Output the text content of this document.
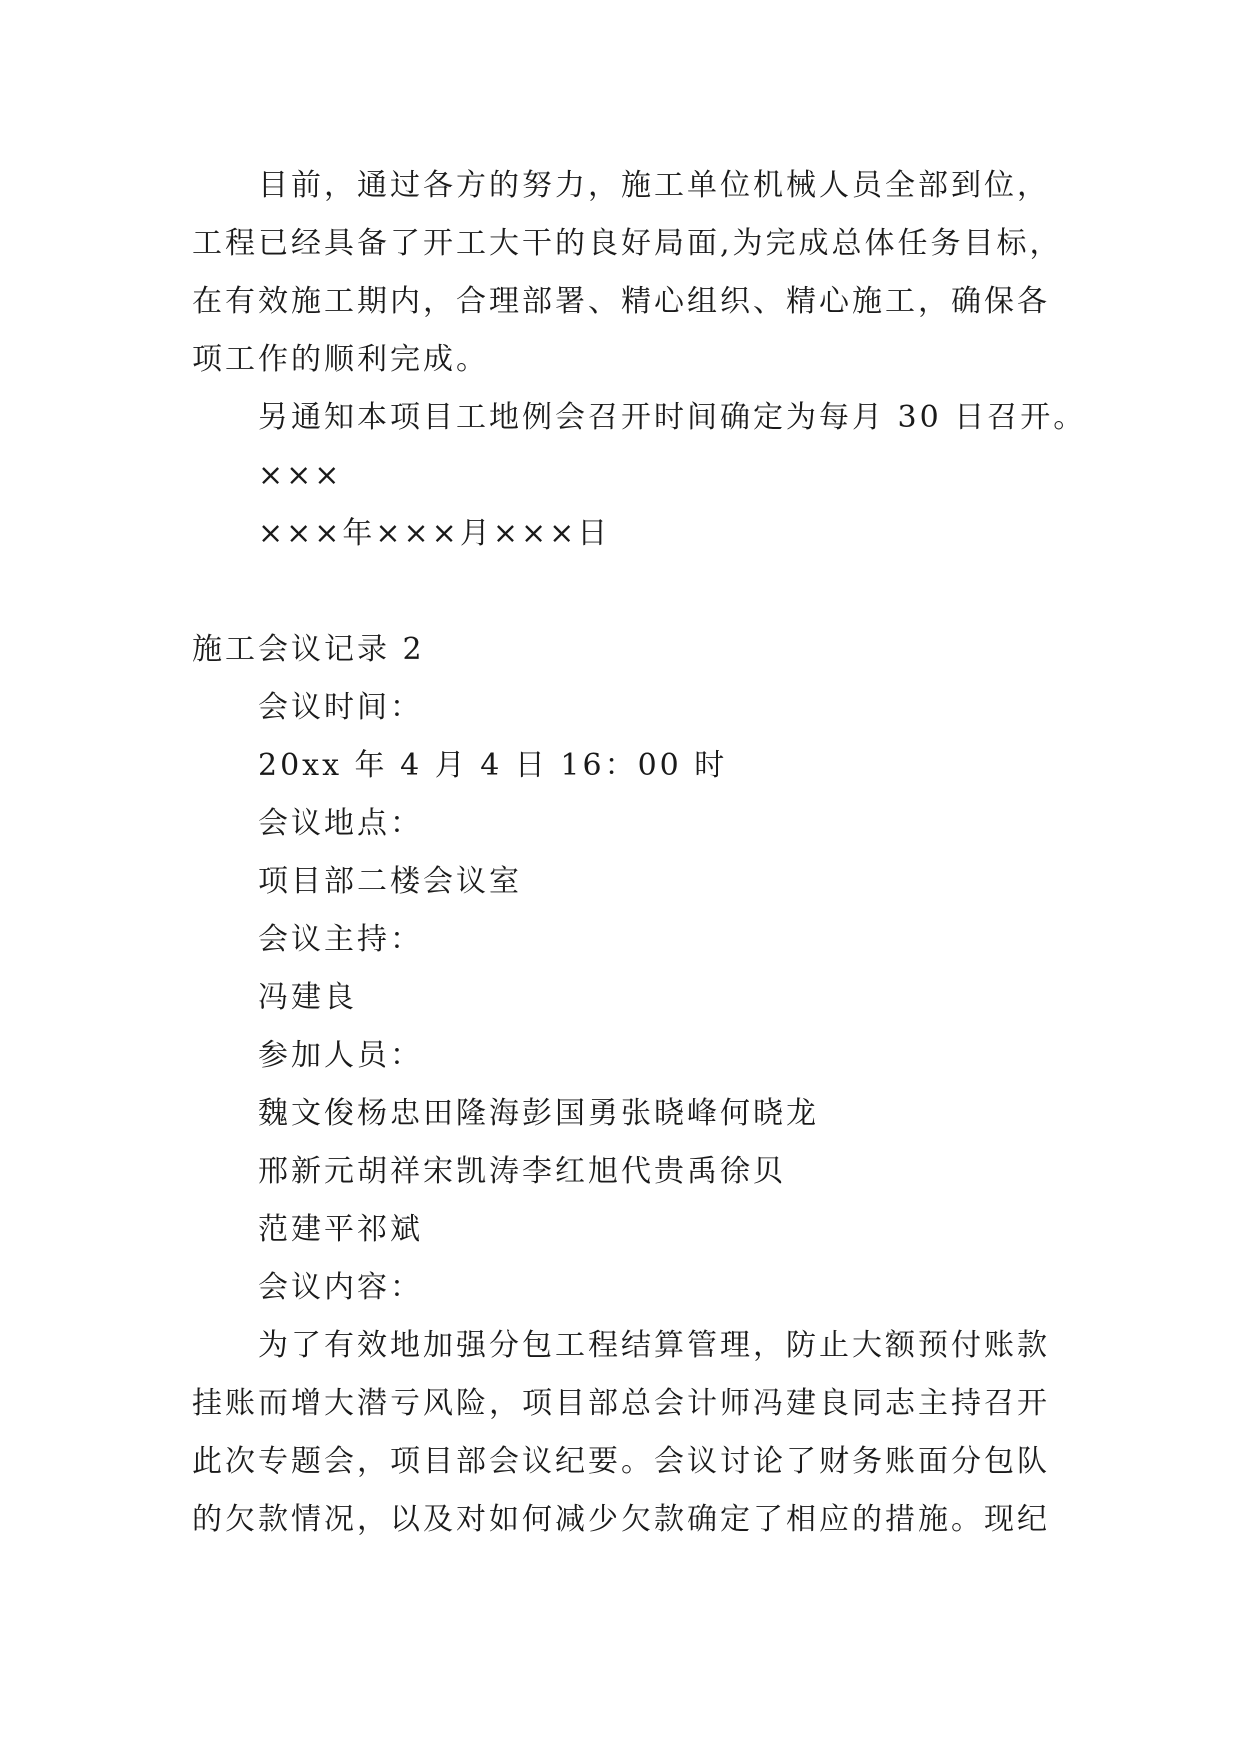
目前，通过各方的努力，施工单位机械人员全部到位，
工程已经具备了开工大干的良好局面,为完成总体任务目标，
在有效施工期内，合理部署、精心组织、精心施工，确保各
项工作的顺利完成。
另通知本项目工地例会召开时间确定为每月 30 日召开。
×××
×××年×××月×××日
施工会议记录 2
会议时间：
20xx 年 4 月 4 日 16：00 时
会议地点：
项目部二楼会议室
会议主持：
冯建良
参加人员：
魏文俊杨忠田隆海彭国勇张晓峰何晓龙
邢新元胡祥宋凯涛李红旭代贵禹徐贝
范建平祁斌
会议内容：
为了有效地加强分包工程结算管理，防止大额预付账款
挂账而增大潜亏风险，项目部总会计师冯建良同志主持召开
此次专题会，项目部会议纪要。会议讨论了财务账面分包队
的欠款情况，以及对如何减少欠款确定了相应的措施。现纪
